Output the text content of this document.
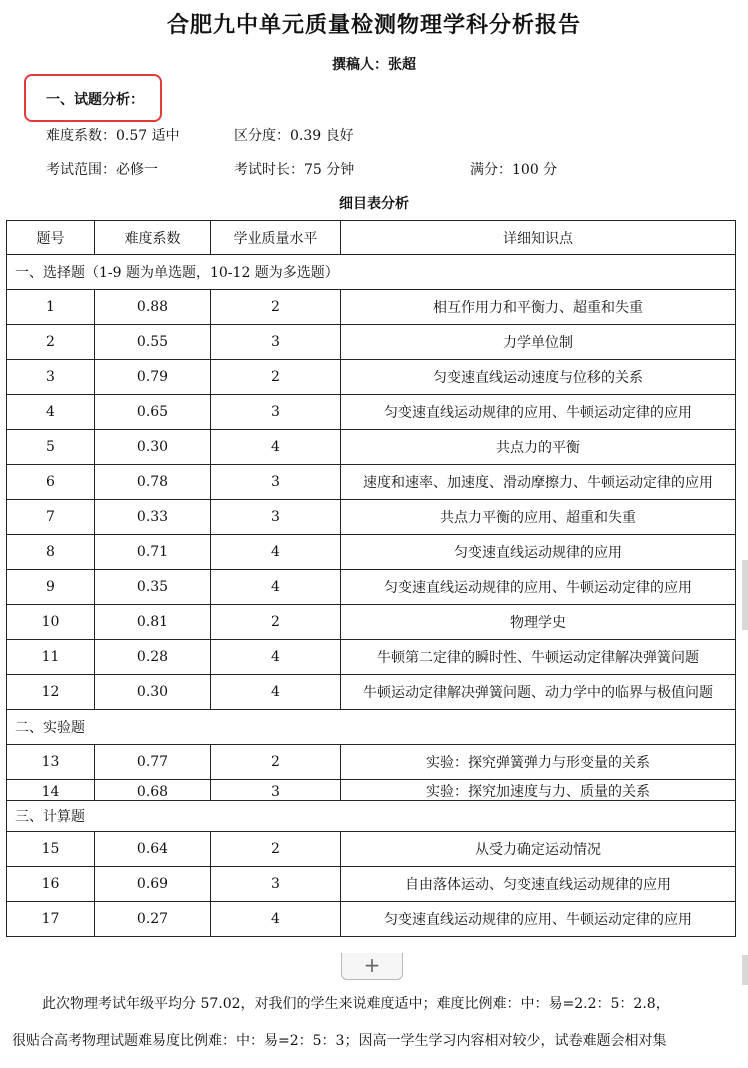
合肥九中单元质量检测物理学科分析报告
撰稿人：张超
一、试题分析：
难度系数：0.57 适中	区分度：0.39 良好
考试范围：必修一	考试时长：75 分钟	满分：100 分
细目表分析
题号	难度系数	学业质量水平	详细知识点
一、选择题（1-9 题为单选题，10-12 题为多选题）			
1	0.88	2	相互作用力和平衡力、超重和失重
2	0.55	3	力学单位制
3	0.79	2	匀变速直线运动速度与位移的关系
4	0.65	3	匀变速直线运动规律的应用、牛顿运动定律的应用
5	0.30	4	共点力的平衡
6	0.78	3	速度和速率、加速度、滑动摩擦力、牛顿运动定律的应用
7	0.33	3	共点力平衡的应用、超重和失重
8	0.71	4	匀变速直线运动规律的应用
9	0.35	4	匀变速直线运动规律的应用、牛顿运动定律的应用
10	0.81	2	物理学史
11	0.28	4	牛顿第二定律的瞬时性、牛顿运动定律解决弹簧问题
12	0.30	4	牛顿运动定律解决弹簧问题、动力学中的临界与极值问题
二、实验题			
13	0.77	2	实验：探究弹簧弹力与形变量的关系
14	0.68	3	实验：探究加速度与力、质量的关系
三、计算题			
15	0.64	2	从受力确定运动情况
16	0.69	3	自由落体运动、匀变速直线运动规律的应用
17	0.27	4	匀变速直线运动规律的应用、牛顿运动定律的应用
+
此次物理考试年级平均分 57.02，对我们的学生来说难度适中；难度比例难：中：易=2.2：5：2.8，
很贴合高考物理试题难易度比例难：中：易=2：5：3；因高一学生学习内容相对较少，试卷难题会相对集
